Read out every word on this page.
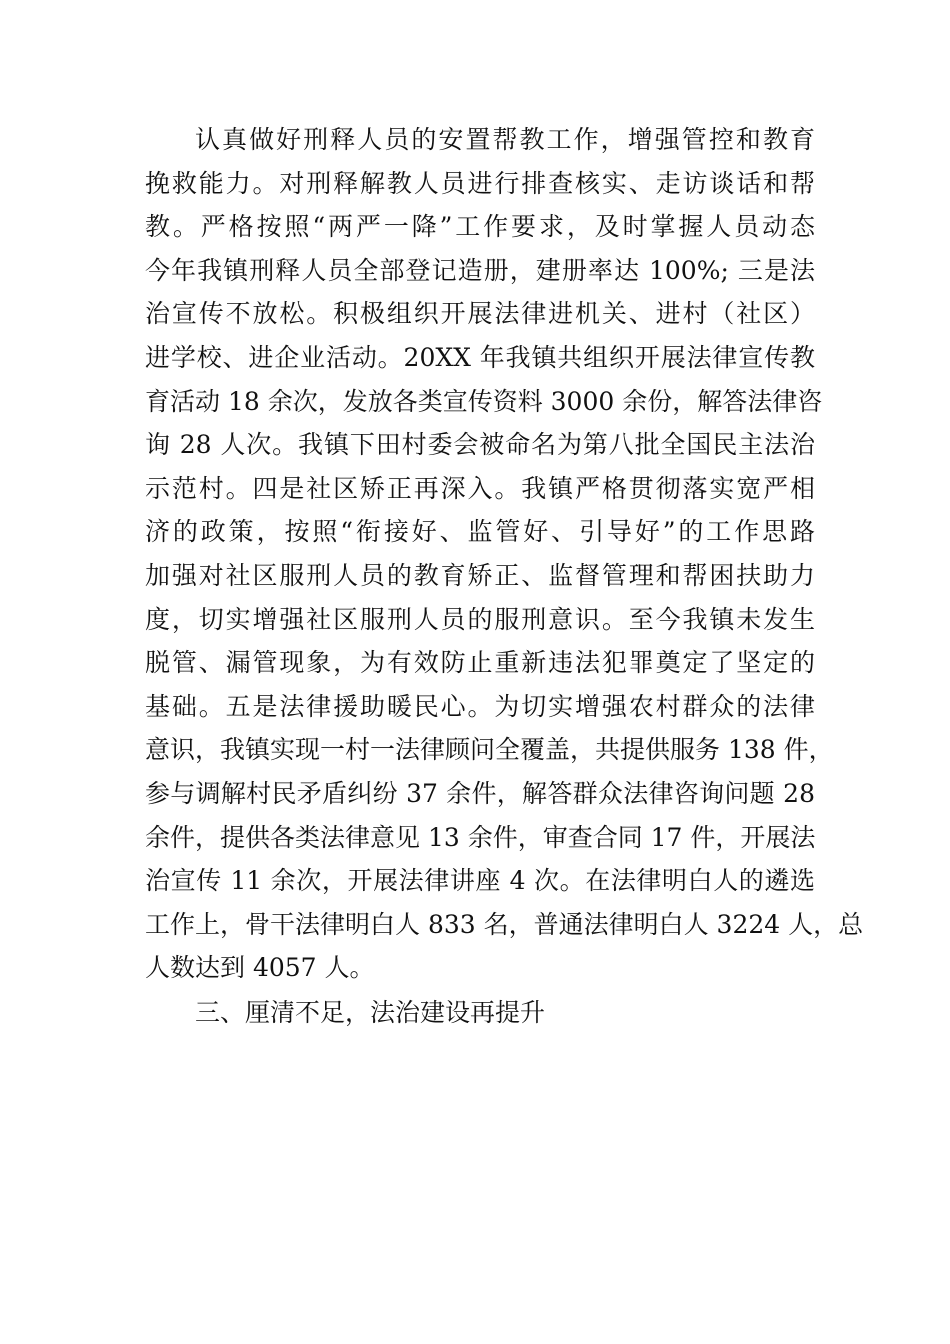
认真做好刑释人员的安置帮教工作，增强管控和教育
挽救能力。对刑释解教人员进行排查核实、走访谈话和帮
教。严格按照“两严一降”工作要求，及时掌握人员动态
今年我镇刑释人员全部登记造册，建册率达 100%; 三是法
治宣传不放松。积极组织开展法律进机关、进村（社区）
进学校、进企业活动。20XX 年我镇共组织开展法律宣传教
育活动 18 余次，发放各类宣传资料 3000 余份，解答法律咨
询 28 人次。我镇下田村委会被命名为第八批全国民主法治
示范村。四是社区矫正再深入。我镇严格贯彻落实宽严相
济的政策，按照“衔接好、监管好、引导好”的工作思路
加强对社区服刑人员的教育矫正、监督管理和帮困扶助力
度，切实增强社区服刑人员的服刑意识。至今我镇未发生
脱管、漏管现象，为有效防止重新违法犯罪奠定了坚定的
基础。五是法律援助暖民心。为切实增强农村群众的法律
意识，我镇实现一村一法律顾问全覆盖，共提供服务 138 件，
参与调解村民矛盾纠纷 37 余件，解答群众法律咨询问题 28
余件，提供各类法律意见 13 余件，审查合同 17 件，开展法
治宣传 11 余次，开展法律讲座 4 次。在法律明白人的遴选
工作上，骨干法律明白人 833 名，普通法律明白人 3224 人，总
人数达到 4057 人。
三、厘清不足，法治建设再提升
